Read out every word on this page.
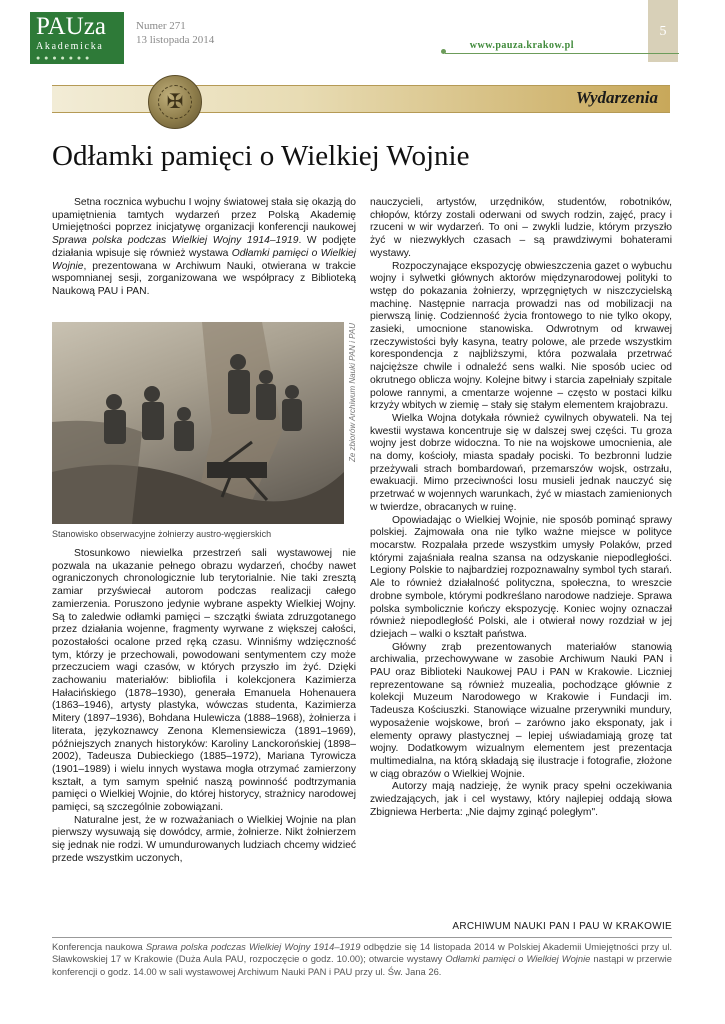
PAUza
Akademicka
● ● ● ● ● ● ●
Numer 271
13 listopada 2014
5
www.pauza.krakow.pl
Wydarzenia
✠
Odłamki pamięci o Wielkiej Wojnie

Setna rocznica wybuchu I wojny światowej stała się okazją do upamiętnienia tamtych wydarzeń przez Polską Akademię Umiejętności poprzez inicjatywę organizacji konferencji naukowej Sprawa polska podczas Wielkiej Wojny 1914–1919. W podjęte działania wpisuje się również wystawa Odłamki pamięci o Wielkiej Wojnie, prezentowana w Archiwum Nauki, otwierana w trakcie wspomnianej sesji, zorganizowana we współpracy z Biblioteką Naukową PAU i PAN.

Ze zbiorów Archiwum Nauki PAN i PAU
Stanowisko obserwacyjne żołnierzy austro-węgierskich

Stosunkowo niewielka przestrzeń sali wystawowej nie pozwala na ukazanie pełnego obrazu wydarzeń, choćby nawet ograniczonych chronologicznie lub terytorialnie. Nie taki zresztą zamiar przyświecał autorom podczas realizacji całego zamierzenia. Poruszono jedynie wybrane aspekty Wielkiej Wojny. Są to zaledwie odłamki pamięci – szczątki świata zdruzgotanego przez działania wojenne, fragmenty wyrwane z większej całości, pozostałości ocalone przed ręką czasu. Winniśmy wdzięczność tym, którzy je przechowali, powodowani sentymentem czy może przeczuciem wagi czasów, w których przyszło im żyć. Dzięki zachowaniu materiałów: bibliofila i kolekcjonera Kazimierza Hałacińskiego (1878–1930), generała Emanuela Hohenauera (1863–1946), artysty plastyka, wówczas studenta, Kazimierza Mitery (1897–1936), Bohdana Hulewicza (1888–1968), żołnierza i literata, językoznawcy Zenona Klemensiewicza (1891–1969), późniejszych znanych historyków: Karoliny Lanckorońskiej (1898–2002), Tadeusza Dubieckiego (1885–1972), Mariana Tyrowicza (1901–1989) i wielu innych wystawa mogła otrzymać zamierzony kształt, a tym samym spełnić naszą powinność podtrzymania pamięci o Wielkiej Wojnie, do której historycy, strażnicy narodowej pamięci, są szczególnie zobowiązani.

Naturalne jest, że w rozważaniach o Wielkiej Wojnie na plan pierwszy wysuwają się dowódcy, armie, żołnierze. Nikt żołnierzem się jednak nie rodzi. W umundurowanych ludziach chcemy widzieć przede wszystkim uczonych,

nauczycieli, artystów, urzędników, studentów, robotników, chłopów, którzy zostali oderwani od swych rodzin, zajęć, pracy i rzuceni w wir wydarzeń. To oni – zwykli ludzie, którym przyszło żyć w niezwykłych czasach – są prawdziwymi bohaterami wystawy.

Rozpoczynające ekspozycję obwieszczenia gazet o wybuchu wojny i sylwetki głównych aktorów międzynarodowej polityki to wstęp do pokazania żołnierzy, wprzęgniętych w niszczycielską machinę. Następnie narracja prowadzi nas od mobilizacji na pierwszą linię. Codzienność życia frontowego to nie tylko okopy, zasieki, umocnione stanowiska. Odwrotnym od krwawej rzeczywistości były kasyna, teatry polowe, ale przede wszystkim korespondencja z najbliższymi, która pozwalała przetrwać najcięższe chwile i odnaleźć sens walki. Nie sposób uciec od okrutnego oblicza wojny. Kolejne bitwy i starcia zapełniały szpitale polowe rannymi, a cmentarze wojenne – często w postaci kilku krzyży wbitych w ziemię – stały się stałym elementem krajobrazu.

Wielka Wojna dotykała również cywilnych obywateli. Na tej kwestii wystawa koncentruje się w dalszej swej części. Tu groza wojny jest dobrze widoczna. To nie na wojskowe umocnienia, ale na domy, kościoły, miasta spadały pociski. To bezbronni ludzie przeżywali strach bombardowań, przemarszów wojsk, ostrzału, ewakuacji. Mimo przeciwności losu musieli jednak nauczyć się przetrwać w wojennych warunkach, żyć w miastach zamienionych w twierdze, obracanych w ruinę.

Opowiadając o Wielkiej Wojnie, nie sposób pominąć sprawy polskiej. Zajmowała ona nie tylko ważne miejsce w polityce mocarstw. Rozpalała przede wszystkim umysły Polaków, przed którymi zajaśniała realna szansa na odzyskanie niepodległości. Legiony Polskie to najbardziej rozpoznawalny symbol tych starań. Ale to również działalność polityczna, społeczna, to wreszcie drobne symbole, którymi podkreślano narodowe nadzieje. Sprawa polska symbolicznie kończy ekspozycję. Koniec wojny oznaczał również niepodległość Polski, ale i otwierał nowy rozdział w jej dziejach – walki o kształt państwa.

Główny zrąb prezentowanych materiałów stanowią archiwalia, przechowywane w zasobie Archiwum Nauki PAN i PAU oraz Biblioteki Naukowej PAU i PAN w Krakowie. Liczniej reprezentowane są również muzealia, pochodzące głównie z kolekcji Muzeum Narodowego w Krakowie i Fundacji im. Tadeusza Kościuszki. Stanowiące wizualne przerywniki mundury, wyposażenie wojskowe, broń – zarówno jako eksponaty, jak i elementy oprawy plastycznej – lepiej uświadamiają grozę tat wojny. Dodatkowym wizualnym elementem jest prezentacja multimedialna, na którą składają się ilustracje i fotografie, złożone w ciąg obrazów o Wielkiej Wojnie.

Autorzy mają nadzieję, że wynik pracy spełni oczekiwania zwiedzających, jak i cel wystawy, który najlepiej oddają słowa Zbigniewa Herberta: „Nie dajmy zginąć poległym".

ARCHIWUM NAUKI PAN I PAU W KRAKOWIE
Konferencja naukowa Sprawa polska podczas Wielkiej Wojny 1914–1919 odbędzie się 14 listopada 2014 w Polskiej Akademii Umiejętności przy ul. Sławkowskiej 17 w Krakowie (Duża Aula PAU, rozpoczęcie o godz. 10.00); otwarcie wystawy Odłamki pamięci o Wielkiej Wojnie nastąpi w przerwie konferencji o godz. 14.00 w sali wystawowej Archiwum Nauki PAN i PAU przy ul. Św. Jana 26.
